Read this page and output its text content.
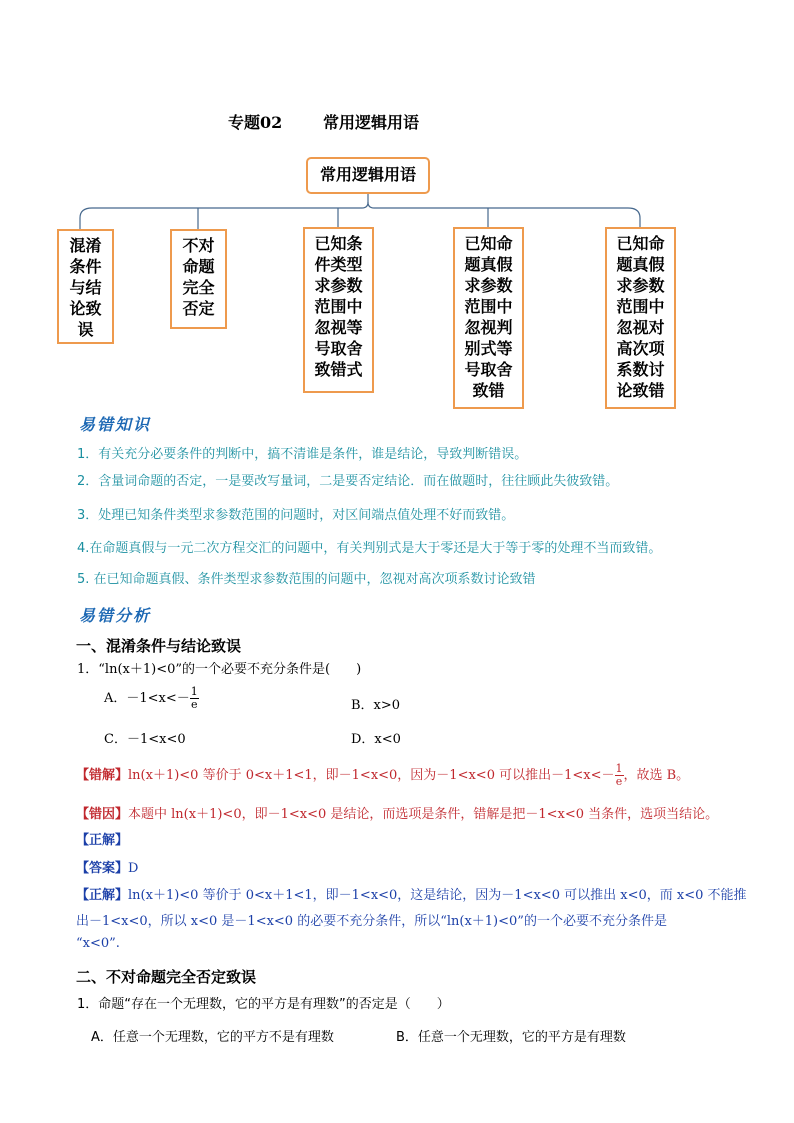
专题02	常用逻辑用语
常用逻辑用语
混淆
条件
与结
论致
误
不对
命题
完全
否定
已知条
件类型
求参数
范围中
忽视等
号取舍
致错式
已知命
题真假
求参数
范围中
忽视判
别式等
号取舍
致错
已知命
题真假
求参数
范围中
忽视对
高次项
系数讨
论致错
易错知识
1．有关充分必要条件的判断中，搞不清谁是条件，谁是结论，导致判断错误。
2．含量词命题的否定，一是要改写量词，二是要否定结论．而在做题时，往往顾此失彼致错。
3．处理已知条件类型求参数范围的问题时，对区间端点值处理不好而致错。
4.在命题真假与一元二次方程交汇的问题中，有关判别式是大于零还是大于等于零的处理不当而致错。
5. 在已知命题真假、条件类型求参数范围的问题中，忽视对高次项系数讨论致错
易错分析
一、混淆条件与结论致误
1．“ln(x＋1)<0”的一个必要不充分条件是(　　)
A．$-1<x<- \frac{1}{e}$	B．x>0
C．－1<x<0	D．x<0
【错解】ln(x＋1)<0 等价于 0<x＋1<1，即－1<x<0，因为－1<x<0 可以推出$-1<x<- \frac{1}{e}$ ，故选 B。
【错因】本题中 ln(x＋1)<0，即－1<x<0 是结论，而选项是条件，错解是把－1<x<0 当条件，选项当结论。
【正解】
【答案】D
【正解】ln(x＋1)<0 等价于 0<x＋1<1，即－1<x<0，这是结论，因为－1<x<0 可以推出 x<0，而 x<0 不能推
出－1<x<0，所以 x<0 是－1<x<0 的必要不充分条件，所以“ln(x＋1)<0”的一个必要不充分条件是
“x<0”.
二、不对命题完全否定致误
1．命题“存在一个无理数，它的平方是有理数”的否定是（　　）
A．任意一个无理数，它的平方不是有理数	B．任意一个无理数，它的平方是有理数
